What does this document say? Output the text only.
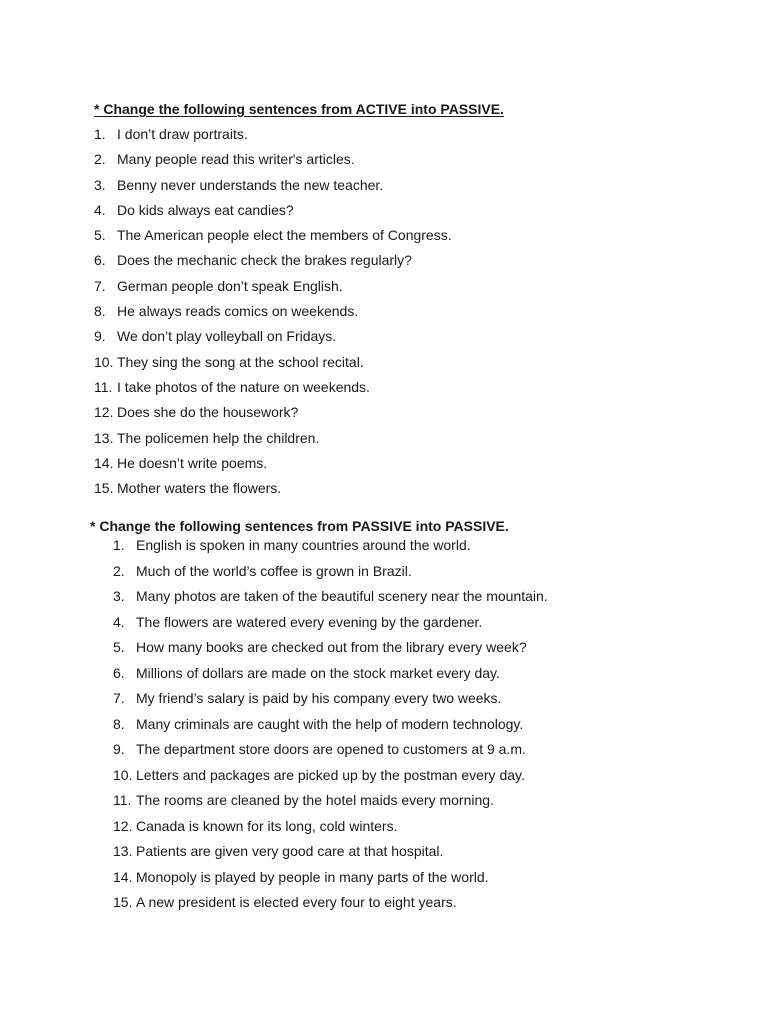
* Change the following sentences from ACTIVE into PASSIVE.
1. I don’t draw portraits.
2. Many people read this writer's articles.
3. Benny never understands the new teacher.
4. Do kids always eat candies?
5. The American people elect the members of Congress.
6. Does the mechanic check the brakes regularly?
7. German people don’t speak English.
8. He always reads comics on weekends.
9. We don’t play volleyball on Fridays.
10. They sing the song at the school recital.
11. I take photos of the nature on weekends.
12. Does she do the housework?
13. The policemen help the children.
14. He doesn’t write poems.
15. Mother waters the flowers.
* Change the following sentences from PASSIVE into PASSIVE.
1. English is spoken in many countries around the world.
2. Much of the world’s coffee is grown in Brazil.
3. Many photos are taken of the beautiful scenery near the mountain.
4. The flowers are watered every evening by the gardener.
5. How many books are checked out from the library every week?
6. Millions of dollars are made on the stock market every day.
7. My friend’s salary is paid by his company every two weeks.
8. Many criminals are caught with the help of modern technology.
9. The department store doors are opened to customers at 9 a.m.
10. Letters and packages are picked up by the postman every day.
11. The rooms are cleaned by the hotel maids every morning.
12. Canada is known for its long, cold winters.
13. Patients are given very good care at that hospital.
14. Monopoly is played by people in many parts of the world.
15. A new president is elected every four to eight years.
